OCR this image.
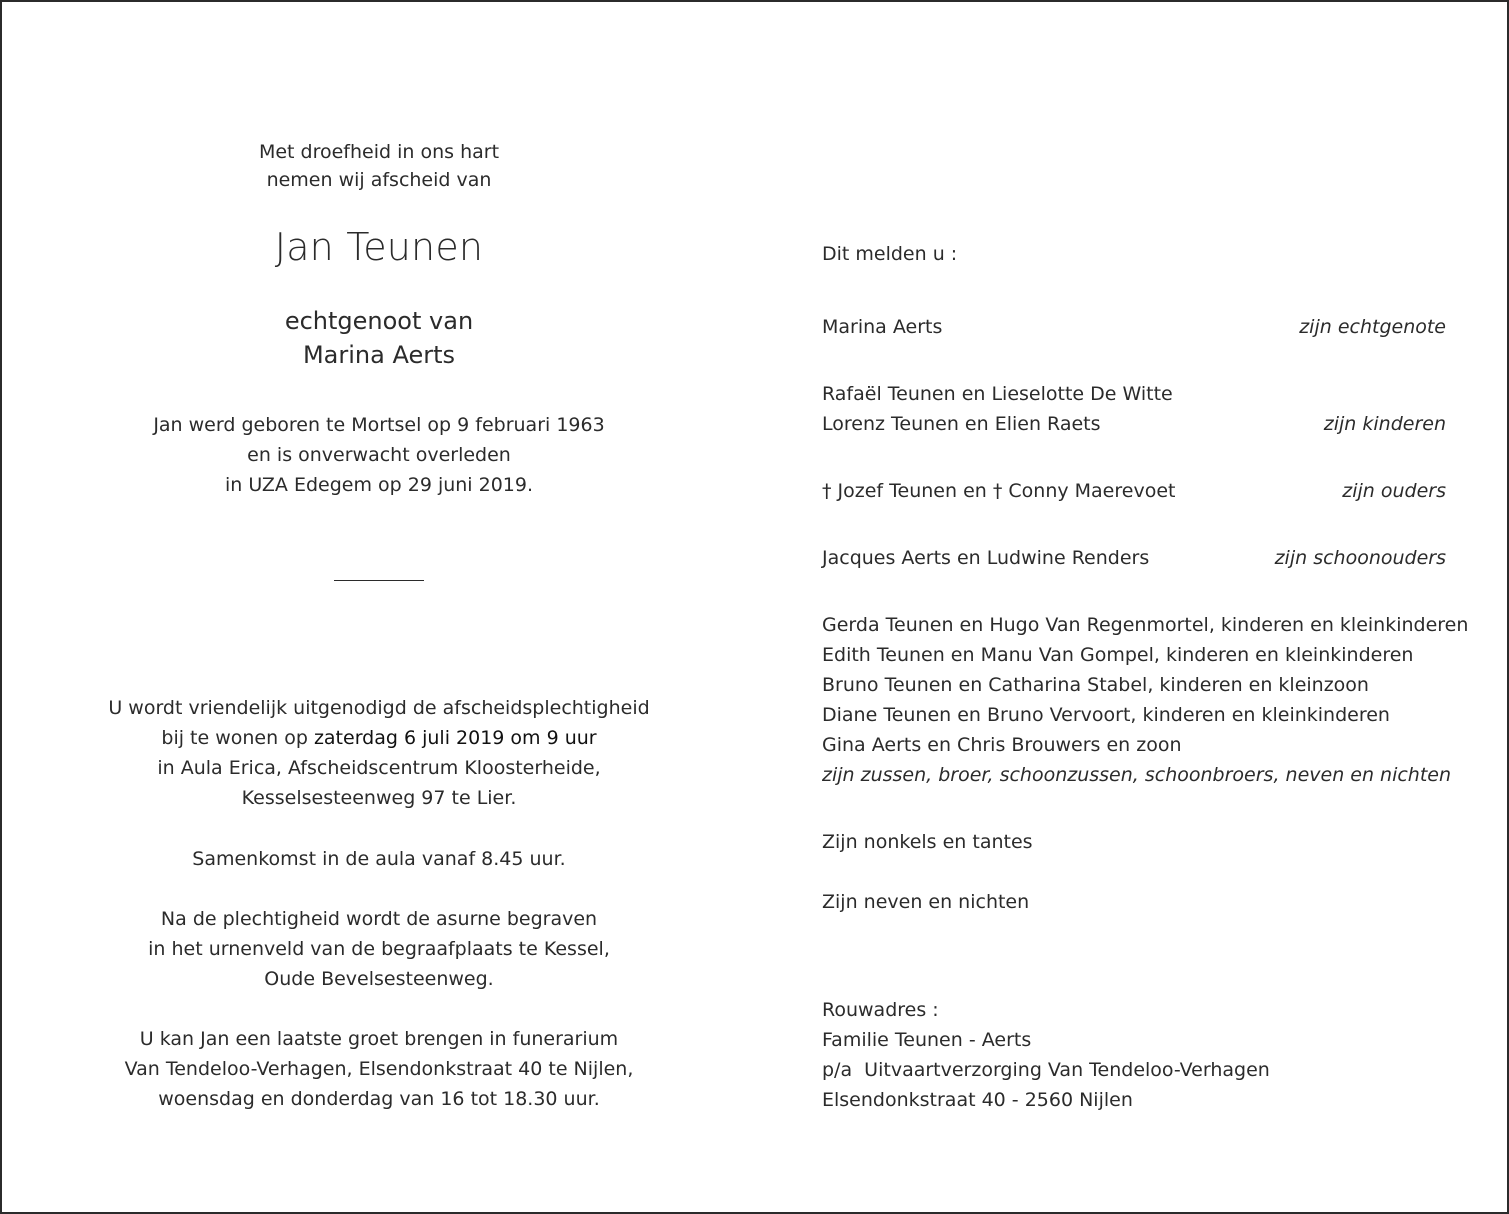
Met droefheid in ons hart
nemen wij afscheid van
Jan Teunen
echtgenoot van
Marina Aerts
Jan werd geboren te Mortsel op 9 februari 1963
en is onverwacht overleden
in UZA Edegem op 29 juni 2019.
U wordt vriendelijk uitgenodigd de afscheidsplechtigheid
bij te wonen op zaterdag 6 juli 2019 om 9 uur
in Aula Erica, Afscheidscentrum Kloosterheide,
Kesselsesteenweg 97 te Lier.
Samenkomst in de aula vanaf 8.45 uur.
Na de plechtigheid wordt de asurne begraven
in het urnenveld van de begraafplaats te Kessel,
Oude Bevelsesteenweg.
U kan Jan een laatste groet brengen in funerarium
Van Tendeloo-Verhagen, Elsendonkstraat 40 te Nijlen,
woensdag en donderdag van 16 tot 18.30 uur.
Dit melden u :
Marina Aerts	zijn echtgenote
Rafaël Teunen en Lieselotte De Witte
Lorenz Teunen en Elien Raets	zijn kinderen
† Jozef Teunen en † Conny Maerevoet	zijn ouders
Jacques Aerts en Ludwine Renders	zijn schoonouders
Gerda Teunen en Hugo Van Regenmortel, kinderen en kleinkinderen
Edith Teunen en Manu Van Gompel, kinderen en kleinkinderen
Bruno Teunen en Catharina Stabel, kinderen en kleinzoon
Diane Teunen en Bruno Vervoort, kinderen en kleinkinderen
Gina Aerts en Chris Brouwers en zoon
zijn zussen, broer, schoonzussen, schoonbroers, neven en nichten
Zijn nonkels en tantes
Zijn neven en nichten
Rouwadres :
Familie Teunen - Aerts
p/a  Uitvaartverzorging Van Tendeloo-Verhagen
Elsendonkstraat 40 - 2560 Nijlen
